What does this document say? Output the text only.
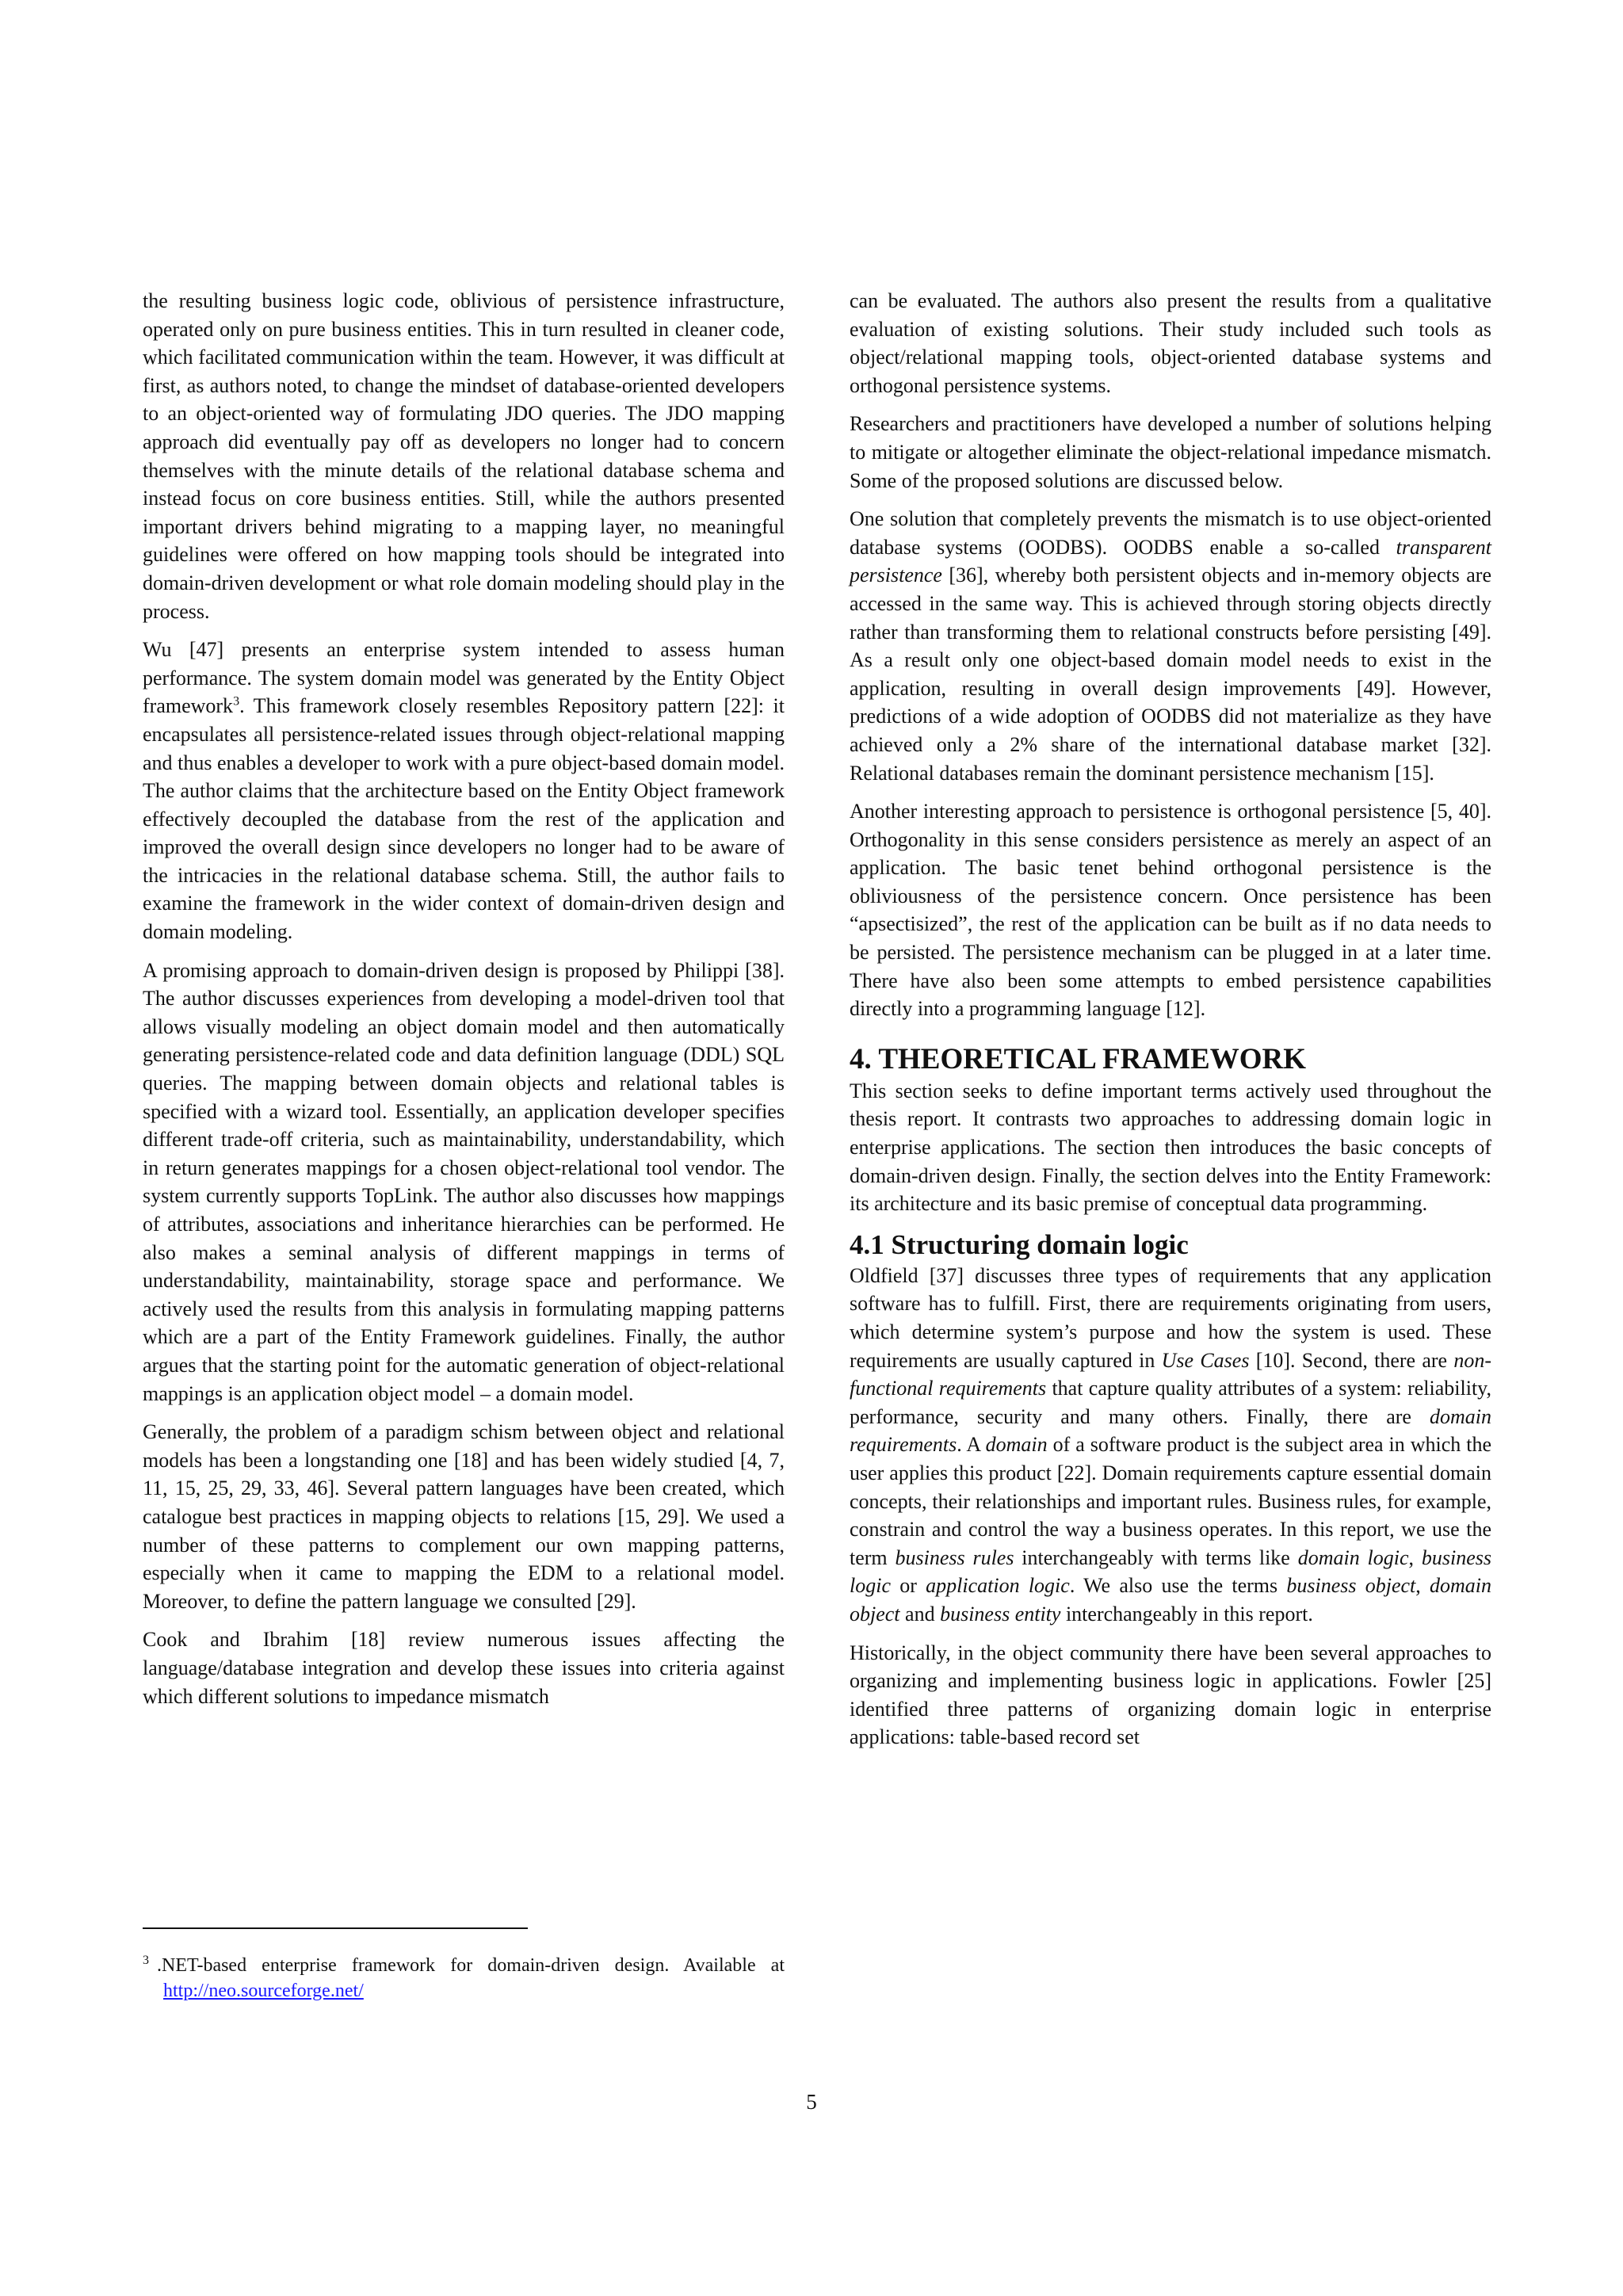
the resulting business logic code, oblivious of persistence infrastructure, operated only on pure business entities. This in turn resulted in cleaner code, which facilitated communication within the team. However, it was difficult at first, as authors noted, to change the mindset of database-oriented developers to an object-oriented way of formulating JDO queries. The JDO mapping approach did eventually pay off as developers no longer had to concern themselves with the minute details of the relational database schema and instead focus on core business entities. Still, while the authors presented important drivers behind migrating to a mapping layer, no meaningful guidelines were offered on how mapping tools should be integrated into domain-driven development or what role domain modeling should play in the process.

Wu [47] presents an enterprise system intended to assess human performance. The system domain model was generated by the Entity Object framework$^3$. This framework closely resembles Repository pattern [22]: it encapsulates all persistence-related issues through object-relational mapping and thus enables a developer to work with a pure object-based domain model. The author claims that the architecture based on the Entity Object framework effectively decoupled the database from the rest of the application and improved the overall design since developers no longer had to be aware of the intricacies in the relational database schema. Still, the author fails to examine the framework in the wider context of domain-driven design and domain modeling.

A promising approach to domain-driven design is proposed by Philippi [38]. The author discusses experiences from developing a model-driven tool that allows visually modeling an object domain model and then automatically generating persistence-related code and data definition language (DDL) SQL queries. The mapping between domain objects and relational tables is specified with a wizard tool. Essentially, an application developer specifies different trade-off criteria, such as maintainability, understandability, which in return generates mappings for a chosen object-relational tool vendor. The system currently supports TopLink. The author also discusses how mappings of attributes, associations and inheritance hierarchies can be performed. He also makes a seminal analysis of different mappings in terms of understandability, maintainability, storage space and performance. We actively used the results from this analysis in formulating mapping patterns which are a part of the Entity Framework guidelines. Finally, the author argues that the starting point for the automatic generation of object-relational mappings is an application object model – a domain model.

Generally, the problem of a paradigm schism between object and relational models has been a longstanding one [18] and has been widely studied [4, 7, 11, 15, 25, 29, 33, 46]. Several pattern languages have been created, which catalogue best practices in mapping objects to relations [15, 29]. We used a number of these patterns to complement our own mapping patterns, especially when it came to mapping the EDM to a relational model. Moreover, to define the pattern language we consulted [29].

Cook and Ibrahim [18] review numerous issues affecting the language/database integration and develop these issues into criteria against which different solutions to impedance mismatch

can be evaluated. The authors also present the results from a qualitative evaluation of existing solutions. Their study included such tools as object/relational mapping tools, object-oriented database systems and orthogonal persistence systems.

Researchers and practitioners have developed a number of solutions helping to mitigate or altogether eliminate the object-relational impedance mismatch. Some of the proposed solutions are discussed below.

One solution that completely prevents the mismatch is to use object-oriented database systems (OODBS). OODBS enable a so-called transparent persistence [36], whereby both persistent objects and in-memory objects are accessed in the same way. This is achieved through storing objects directly rather than transforming them to relational constructs before persisting [49]. As a result only one object-based domain model needs to exist in the application, resulting in overall design improvements [49]. However, predictions of a wide adoption of OODBS did not materialize as they have achieved only a 2% share of the international database market [32]. Relational databases remain the dominant persistence mechanism [15].

Another interesting approach to persistence is orthogonal persistence [5, 40]. Orthogonality in this sense considers persistence as merely an aspect of an application. The basic tenet behind orthogonal persistence is the obliviousness of the persistence concern. Once persistence has been “apsectisized”, the rest of the application can be built as if no data needs to be persisted. The persistence mechanism can be plugged in at a later time. There have also been some attempts to embed persistence capabilities directly into a programming language [12].

4. THEORETICAL FRAMEWORK

This section seeks to define important terms actively used throughout the thesis report. It contrasts two approaches to addressing domain logic in enterprise applications. The section then introduces the basic concepts of domain-driven design. Finally, the section delves into the Entity Framework: its architecture and its basic premise of conceptual data programming.

4.1 Structuring domain logic

Oldfield [37] discusses three types of requirements that any application software has to fulfill. First, there are requirements originating from users, which determine system’s purpose and how the system is used. These requirements are usually captured in Use Cases [10]. Second, there are non-functional requirements that capture quality attributes of a system: reliability, performance, security and many others. Finally, there are domain requirements. A domain of a software product is the subject area in which the user applies this product [22]. Domain requirements capture essential domain concepts, their relationships and important rules. Business rules, for example, constrain and control the way a business operates. In this report, we use the term business rules interchangeably with terms like domain logic, business logic or application logic. We also use the terms business object, domain object and business entity interchangeably in this report.

Historically, in the object community there have been several approaches to organizing and implementing business logic in applications. Fowler [25] identified three patterns of organizing domain logic in enterprise applications: table-based record set

$^3$ .NET-based enterprise framework for domain-driven design. Available at http://neo.sourceforge.net/

5
